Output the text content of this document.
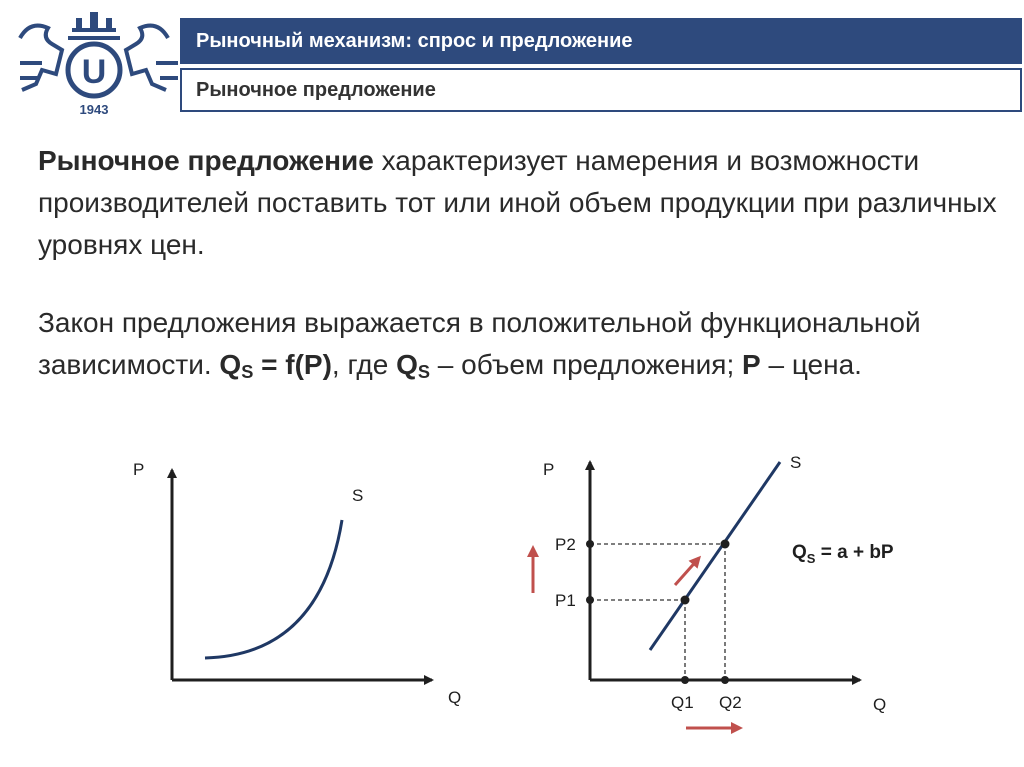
U
1943
Рыночный механизм: спрос и предложение
Рыночное предложение

Рыночное предложение характеризует намерения и возможности производителей поставить тот или иной объем продукции при различных уровнях цен.

Закон предложения выражается в положительной функциональной зависимости. $Q_S = f(P)$, где $Q_S$ – объем предложения; P – цена.

P
Q
S
P
Q
S
P2
P1
Q1 Q2
$Q_S = a$ + bP
